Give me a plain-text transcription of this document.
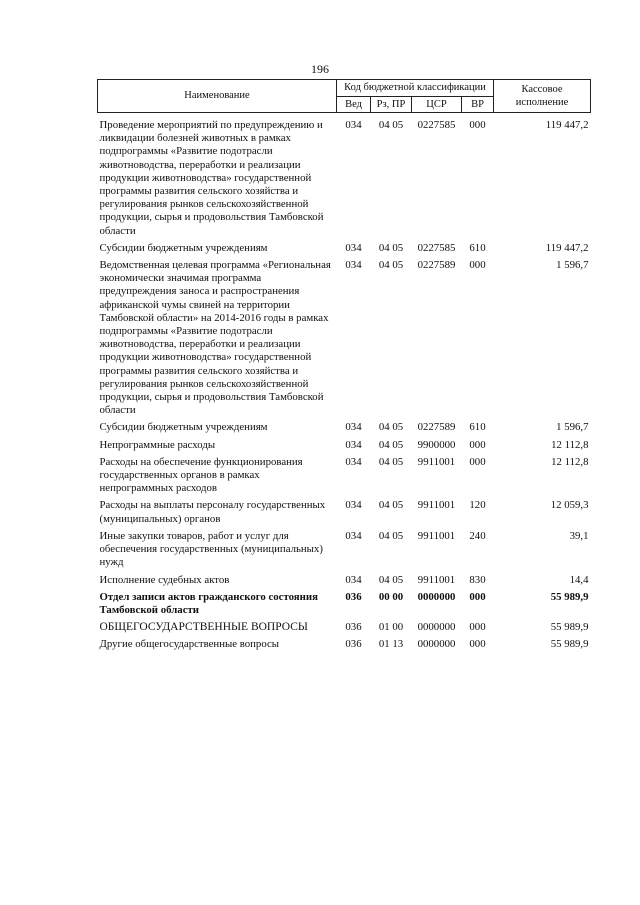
196
Наименование	Код бюджетной классификации				Кассовое исполнение
	Вед	Рз, ПР	ЦСР	ВР	
Проведение мероприятий по предупреждению и ликвидации болезней животных в рамках подпрограммы «Развитие подотрасли животноводства, переработки и реализации продукции животноводства» государственной программы развития сельского хозяйства и регулирования рынков сельскохозяйственной продукции, сырья и продовольствия Тамбовской области	034	04 05	0227585	000	119 447,2
Субсидии бюджетным учреждениям	034	04 05	0227585	610	119 447,2
Ведомственная целевая программа «Региональная экономически значимая программа предупреждения заноса и распространения африканской чумы свиней на территории Тамбовской области» на 2014-2016 годы в рамках подпрограммы «Развитие подотрасли животноводства, переработки и реализации продукции животноводства» государственной программы развития сельского хозяйства и регулирования рынков сельскохозяйственной продукции, сырья и продовольствия Тамбовской области	034	04 05	0227589	000	1 596,7
Субсидии бюджетным учреждениям	034	04 05	0227589	610	1 596,7
Непрограммные расходы	034	04 05	9900000	000	12 112,8
Расходы на обеспечение функционирования государственных органов в рамках непрограммных расходов	034	04 05	9911001	000	12 112,8
Расходы на выплаты персоналу государственных (муниципальных) органов	034	04 05	9911001	120	12 059,3
Иные закупки товаров, работ и услуг для обеспечения государственных (муниципальных) нужд	034	04 05	9911001	240	39,1
Исполнение судебных актов	034	04 05	9911001	830	14,4
Отдел записи актов гражданского состояния Тамбовской области	036	00 00	0000000	000	55 989,9
ОБЩЕГОСУДАРСТВЕННЫЕ ВОПРОСЫ	036	01 00	0000000	000	55 989,9
Другие общегосударственные вопросы	036	01 13	0000000	000	55 989,9
